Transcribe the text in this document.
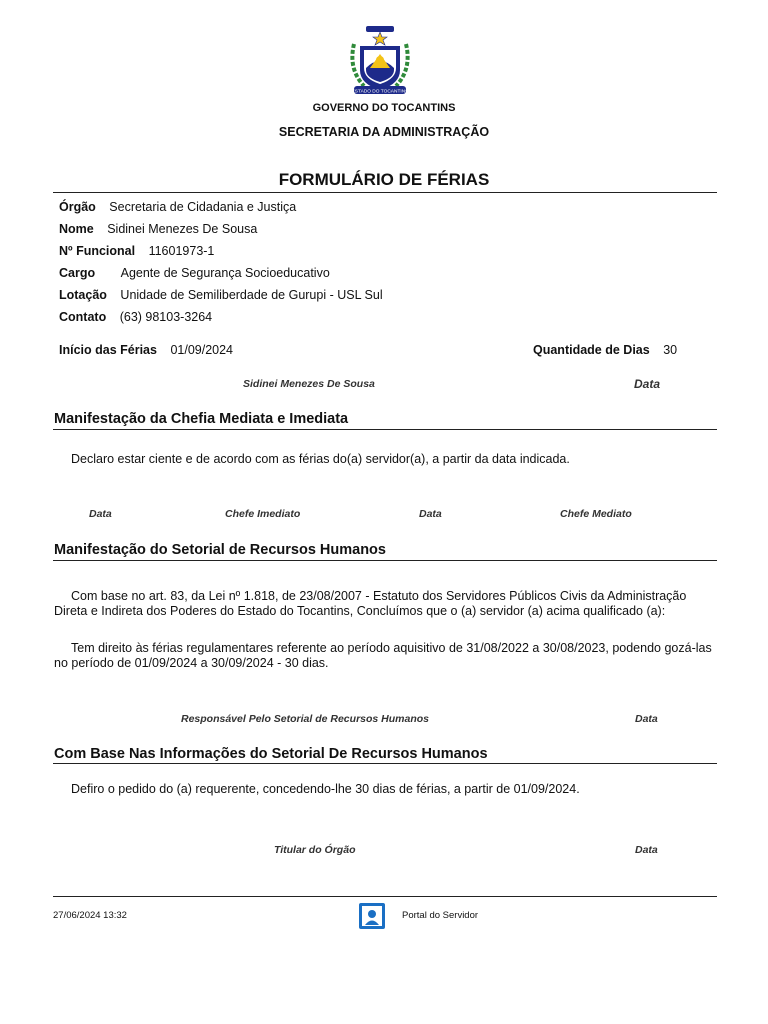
ESTADO DO TOCANTINS
GOVERNO DO TOCANTINS
SECRETARIA DA ADMINISTRAÇÃO
FORMULÁRIO DE FÉRIAS
Órgão Secretaria de Cidadania e Justiça
Nome Sidinei Menezes De Sousa
Nº Funcional 11601973-1
Cargo Agente de Segurança Socioeducativo
Lotação Unidade de Semiliberdade de Gurupi - USL Sul
Contato (63) 98103-3264
Início das Férias 01/09/2024	Quantidade de Dias 30
Sidinei Menezes De Sousa	Data
Manifestação da Chefia Mediata e Imediata
Declaro estar ciente e de acordo com as férias do(a) servidor(a), a partir da data indicada.
Data	Chefe Imediato	Data	Chefe Mediato
Manifestação do Setorial de Recursos Humanos
Com base no art. 83, da Lei nº 1.818, de 23/08/2007 - Estatuto dos Servidores Públicos Civis da Administração Direta e Indireta dos Poderes do Estado do Tocantins, Concluímos que o (a) servidor (a) acima qualificado (a):
Tem direito às férias regulamentares referente ao período aquisitivo de 31/08/2022 a 30/08/2023, podendo gozá-las no período de 01/09/2024 a 30/09/2024 - 30 dias.
Responsável Pelo Setorial de Recursos Humanos	Data
Com Base Nas Informações do Setorial De Recursos Humanos
Defiro o pedido do (a) requerente, concedendo-lhe 30 dias de férias, a partir de 01/09/2024.
Titular do Órgão	Data
27/06/2024 13:32	Portal do Servidor
